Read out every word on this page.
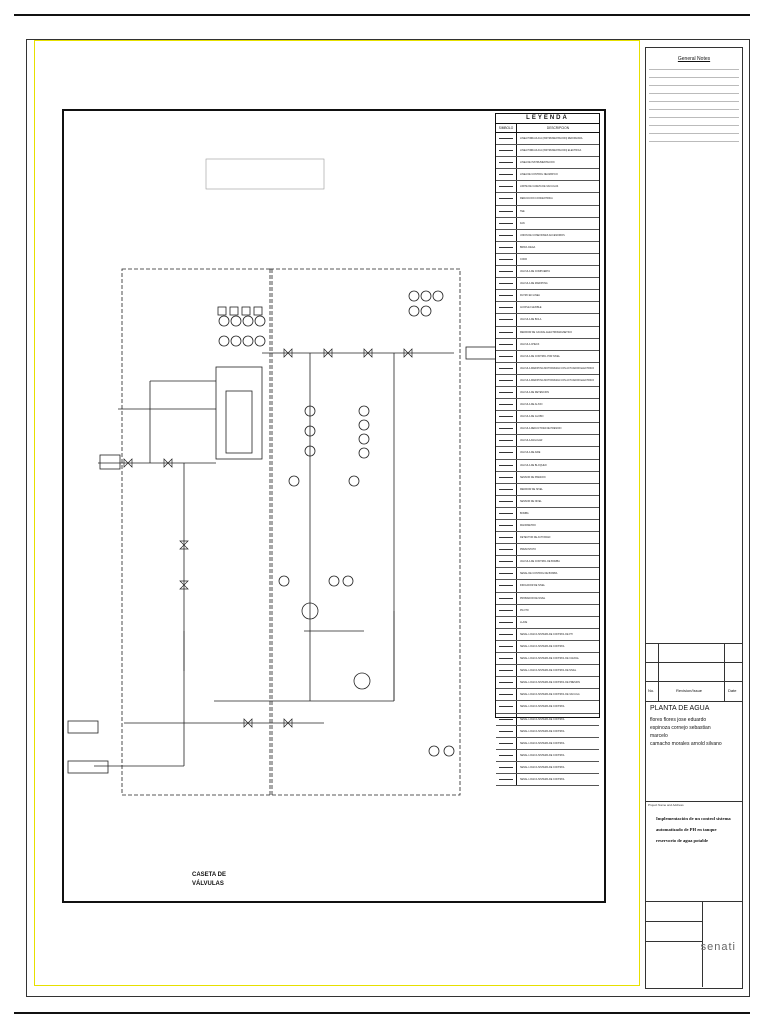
CASETA DE
VÁLVULAS
LEYENDA
SIMBOLO	DESCRIPCION
LINEA HIDRAULICA (INSTRUMENTACION) REFORZADA
LINEA HIDRAULICA (INSTRUMENTACION) ELECTRICA
LINEA DE INSTRUMENTACION
LINEA DE CONTROL NEUMATICO
LIMITE DE CASETA DE VALVULAS
REDUCCION CONCENTRICA
TEE
FAN
UNION DE CONEXIONES ACCESORIOS
BRIDA CIEGA
CODO
VALVULA DE COMPUERTA
VALVULA DE MARIPOSA
FILTRO EN LINEA
ACOPLE FLEXIBLE
VALVULA DE BOLA
MEDIDOR DE CAUDAL ELECTROMAGNETICO
VALVULA CHECK
VALVULA DE CONTROL POR NIVEL
VALVULA MARIPOSA MOTORIZADA CON ACTUADOR ELECTRICO
VALVULA MARIPOSA MOTORIZADA CON ACTUADOR ELECTRICO
VALVULA DE RETENCION
VALVULA DE ALIVIO
VALVULA DE GLOBO
VALVULA REDUCTORA DE PRESION
VALVULA ANGULAR
VALVULA DE AIRE
VALVULA DE BLOQUEO
SENSOR DE PRESION
MEDIDOR DE NIVEL
SENSOR DE NIVEL
BOMBA
MANOMETRO
DETECTOR DE ACTIVIDAD
PRESOSTATO
VALVULA DE CONTROL DE BOMBA
SENAL DE CONTROL DE BOMBA
INDICADOR DE NIVEL
PROBADOR DE NIVEL
PILOTO
LLAVE
SENAL LOGICA SISTEMA DE CONTROL DE PH
SENAL LOGICA SISTEMA DE CONTROL
SENAL LOGICA SISTEMA DE CONTROL DE CAUDAL
SENAL LOGICA SISTEMA DE CONTROL DE NIVEL
SENAL LOGICA SISTEMA DE CONTROL DE PRESION
SENAL LOGICA SISTEMA DE CONTROL DE VALVULA
SENAL LOGICA SISTEMA DE CONTROL
SENAL LOGICA SISTEMA DE CONTROL
SENAL LOGICA SISTEMA DE CONTROL
SENAL LOGICA SISTEMA DE CONTROL
SENAL LOGICA SISTEMA DE CONTROL
SENAL LOGICA SISTEMA DE CONTROL
SENAL LOGICA SISTEMA DE CONTROL
General Notes
No.	Revision/Issue	Date
PLANTA DE AGUA
flores flores jose eduardo
espinoza cornejo sebastian
marcelo
camacho morales arnold silvano
Project Name and Address
Implementación de un control sistema
automatizado de PH en tanque
reservorio de agua potable
senati
